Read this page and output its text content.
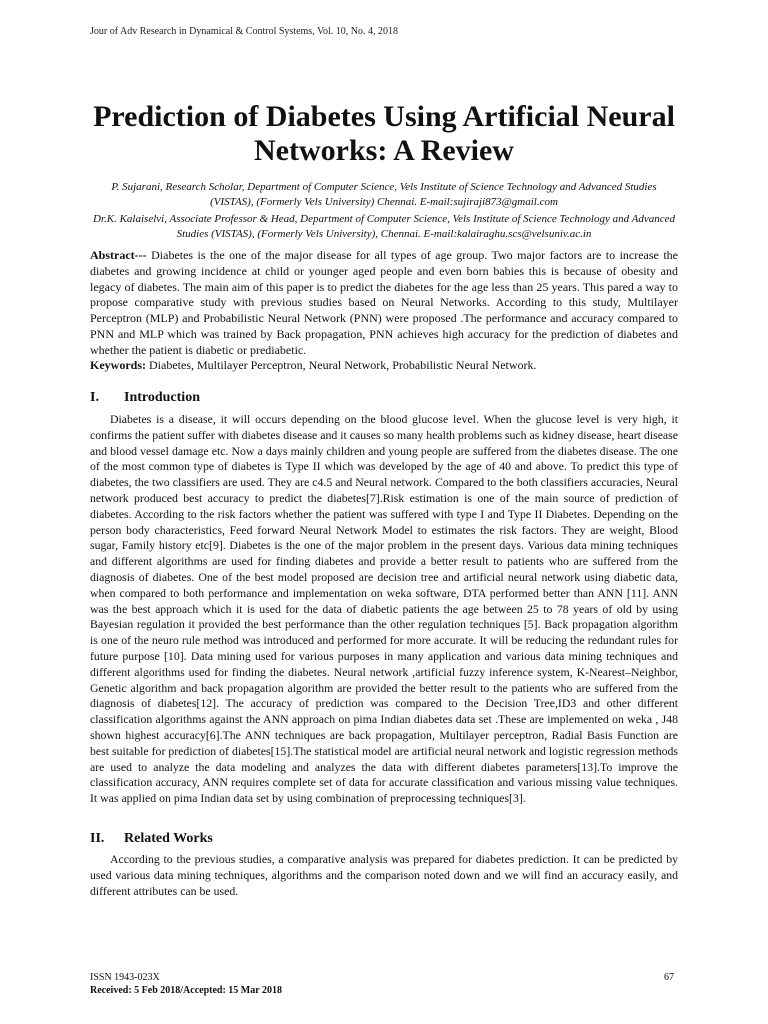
Jour of Adv Research in Dynamical & Control Systems, Vol. 10, No. 4, 2018
Prediction of Diabetes Using Artificial Neural Networks: A Review
P. Sujarani, Research Scholar, Department of Computer Science, Vels Institute of Science Technology and Advanced Studies (VISTAS), (Formerly Vels University) Chennai. E-mail:sujiraji873@gmail.com
Dr.K. Kalaiselvi, Associate Professor & Head, Department of Computer Science, Vels Institute of Science Technology and Advanced Studies (VISTAS), (Formerly Vels University), Chennai. E-mail:kalairaghu.scs@velsuniv.ac.in
Abstract--- Diabetes is the one of the major disease for all types of age group. Two major factors are to increase the diabetes and growing incidence at child or younger aged people and even born babies this is because of obesity and legacy of diabetes. The main aim of this paper is to predict the diabetes for the age less than 25 years. This pared a way to propose comparative study with previous studies based on Neural Networks. According to this study, Multilayer Perceptron (MLP) and Probabilistic Neural Network (PNN) were proposed .The performance and accuracy compared to PNN and MLP which was trained by Back propagation, PNN achieves high accuracy for the prediction of diabetes and whether the patient is diabetic or prediabetic.
Keywords: Diabetes, Multilayer Perceptron, Neural Network, Probabilistic Neural Network.
I. Introduction

Diabetes is a disease, it will occurs depending on the blood glucose level. When the glucose level is very high, it confirms the patient suffer with diabetes disease and it causes so many health problems such as kidney disease, heart disease and blood vessel damage etc. Now a days mainly children and young people are suffered from the diabetes disease. The one of the most common type of diabetes is Type II which was developed by the age of 40 and above. To predict this type of diabetes, the two classifiers are used. They are c4.5 and Neural network. Compared to the both classifiers accuracies, Neural network produced best accuracy to predict the diabetes[7].Risk estimation is one of the main source of prediction of diabetes. According to the risk factors whether the patient was suffered with type I and Type II Diabetes. Depending on the person body characteristics, Feed forward Neural Network Model to estimates the risk factors. They are weight, Blood sugar, Family history etc[9]. Diabetes is the one of the major problem in the present days. Various data mining techniques and different algorithms are used for finding diabetes and provide a better result to patients who are suffered from the diagnosis of diabetes. One of the best model proposed are decision tree and artificial neural network using diabetic data, when compared to both performance and implementation on weka software, DTA performed better than ANN [11]. ANN was the best approach which it is used for the data of diabetic patients the age between 25 to 78 years of old by using Bayesian regulation it provided the best performance than the other regulation techniques [5]. Back propagation algorithm is one of the neuro rule method was introduced and performed for more accurate. It will be reducing the redundant rules for future purpose [10]. Data mining used for various purposes in many application and various data mining techniques and different algorithms used for finding the diabetes. Neural network ,artificial fuzzy inference system, K-Nearest–Neighbor, Genetic algorithm and back propagation algorithm are provided the better result to the patients who are suffered from the diagnosis of diabetes[12]. The accuracy of prediction was compared to the Decision Tree,ID3 and other different classification algorithms against the ANN approach on pima Indian diabetes data set .These are implemented on weka , J48 shown highest accuracy[6].The ANN techniques are back propagation, Multilayer perceptron, Radial Basis Function are best suitable for prediction of diabetes[15].The statistical model are artificial neural network and logistic regression methods are used to analyze the data modeling and analyzes the data with different diabetes parameters[13].To improve the classification accuracy, ANN requires complete set of data for accurate classification and various missing value techniques. It was applied on pima Indian data set by using combination of preprocessing techniques[3].

II. Related Works

According to the previous studies, a comparative analysis was prepared for diabetes prediction. It can be predicted by used various data mining techniques, algorithms and the comparison noted down and we will find an accuracy easily, and different attributes can be used.

ISSN 1943-023X
Received: 5 Feb 2018/Accepted: 15 Mar 2018
67
